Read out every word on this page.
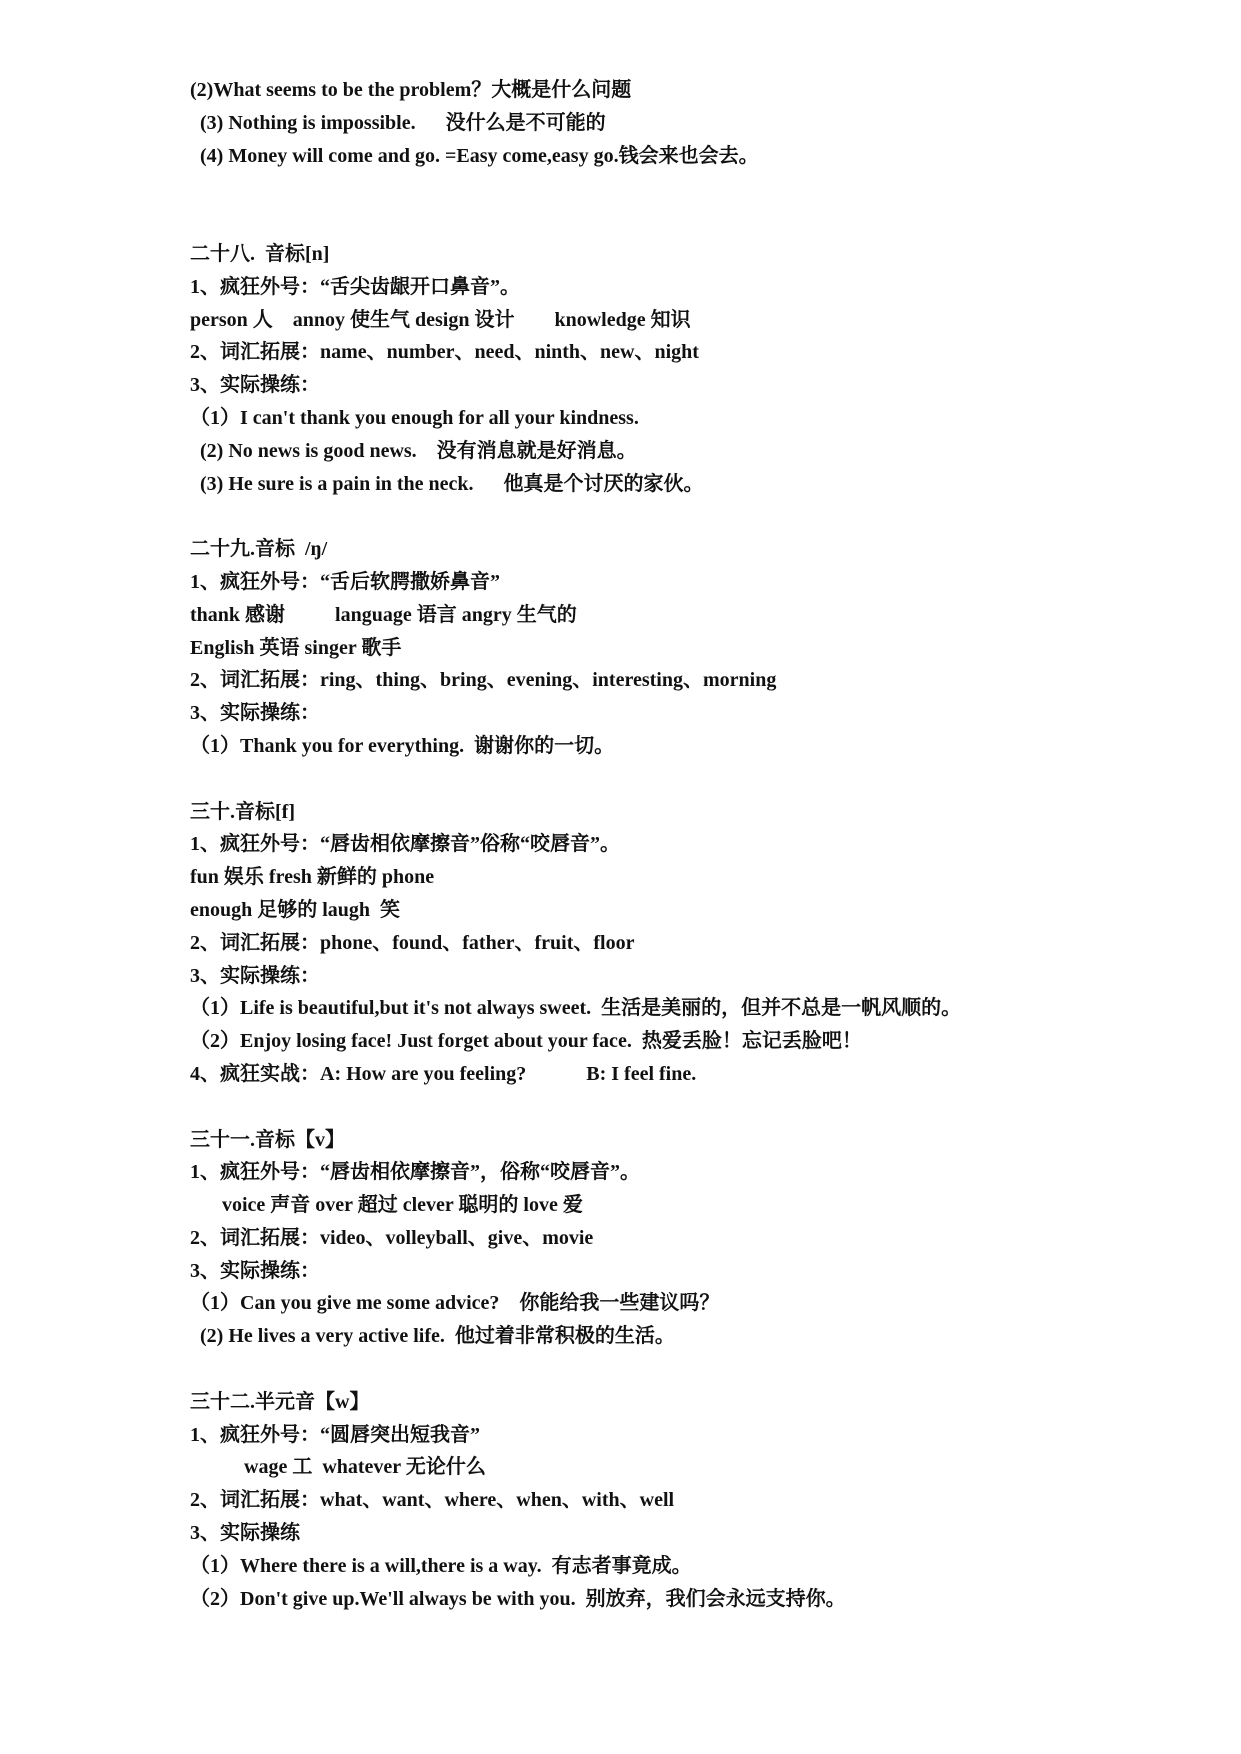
(2)What seems to be the problem？大概是什么问题
(3) Nothing is impossible.      没什么是不可能的
(4) Money will come and go. =Easy come,easy go.钱会来也会去。
二十八.  音标[n]
1、疯狂外号：“舌尖齿龈开口鼻音”。
person 人    annoy 使生气 design 设计        knowledge 知识
2、词汇拓展：name、number、need、ninth、new、night
3、实际操练：
（1）I can't thank you enough for all your kindness.
(2) No news is good news.    没有消息就是好消息。
(3) He sure is a pain in the neck.      他真是个讨厌的家伙。
二十九.音标  /ŋ/
1、疯狂外号：“舌后软腭撒娇鼻音”
thank 感谢          language 语言 angry 生气的
English 英语 singer 歌手
2、词汇拓展：ring、thing、bring、evening、interesting、morning
3、实际操练：
（1）Thank you for everything.  谢谢你的一切。
三十.音标[f]
1、疯狂外号：“唇齿相依摩擦音”俗称“咬唇音”。
fun 娱乐 fresh 新鲜的 phone
enough 足够的 laugh  笑
2、词汇拓展：phone、found、father、fruit、floor
3、实际操练：
（1）Life is beautiful,but it's not always sweet.  生活是美丽的，但并不总是一帆风顺的。
（2）Enjoy losing face! Just forget about your face.  热爱丢脸！忘记丢脸吧！
4、疯狂实战：A: How are you feeling?            B: I feel fine.
三十一.音标【v】
1、疯狂外号：“唇齿相依摩擦音”，俗称“咬唇音”。
voice 声音 over 超过 clever 聪明的 love 爱
2、词汇拓展：video、volleyball、give、movie
3、实际操练：
（1）Can you give me some advice?    你能给我一些建议吗？
(2) He lives a very active life.  他过着非常积极的生活。
三十二.半元音【w】
1、疯狂外号：“圆唇突出短我音”
wage 工  whatever 无论什么
2、词汇拓展：what、want、where、when、with、well
3、实际操练
（1）Where there is a will,there is a way.  有志者事竟成。
（2）Don't give up.We'll always be with you.  别放弃，我们会永远支持你。
